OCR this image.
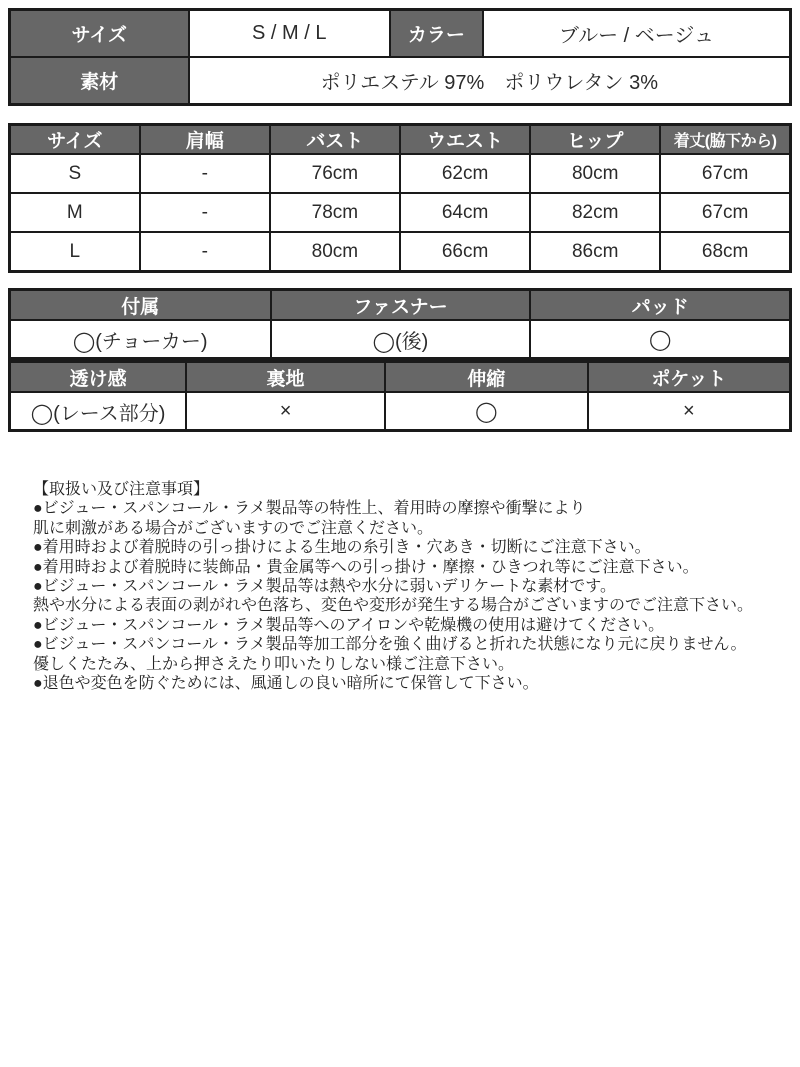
サイズ	S / M / L	カラー	ブルー / ベージュ
素材	ポリエステル 97%　ポリウレタン 3%		
サイズ	肩幅	バスト	ウエスト	ヒップ	着丈(脇下から)
S	-	76cm	62cm	80cm	67cm
M	-	78cm	64cm	82cm	67cm
L	-	80cm	66cm	86cm	68cm
付属	ファスナー	パッド
◯(チョーカー)	◯(後)	◯
透け感	裏地	伸縮	ポケット
◯(レース部分)	×	◯	×
【取扱い及び注意事項】
●ビジュー・スパンコール・ラメ製品等の特性上、着用時の摩擦や衝撃により
肌に刺激がある場合がございますのでご注意ください。
●着用時および着脱時の引っ掛けによる生地の糸引き・穴あき・切断にご注意下さい。
●着用時および着脱時に装飾品・貴金属等への引っ掛け・摩擦・ひきつれ等にご注意下さい。
●ビジュー・スパンコール・ラメ製品等は熱や水分に弱いデリケートな素材です。
熱や水分による表面の剥がれや色落ち、変色や変形が発生する場合がございますのでご注意下さい。
●ビジュー・スパンコール・ラメ製品等へのアイロンや乾燥機の使用は避けてください。
●ビジュー・スパンコール・ラメ製品等加工部分を強く曲げると折れた状態になり元に戻りません。
優しくたたみ、上から押さえたり叩いたりしない様ご注意下さい。
●退色や変色を防ぐためには、風通しの良い暗所にて保管して下さい。
